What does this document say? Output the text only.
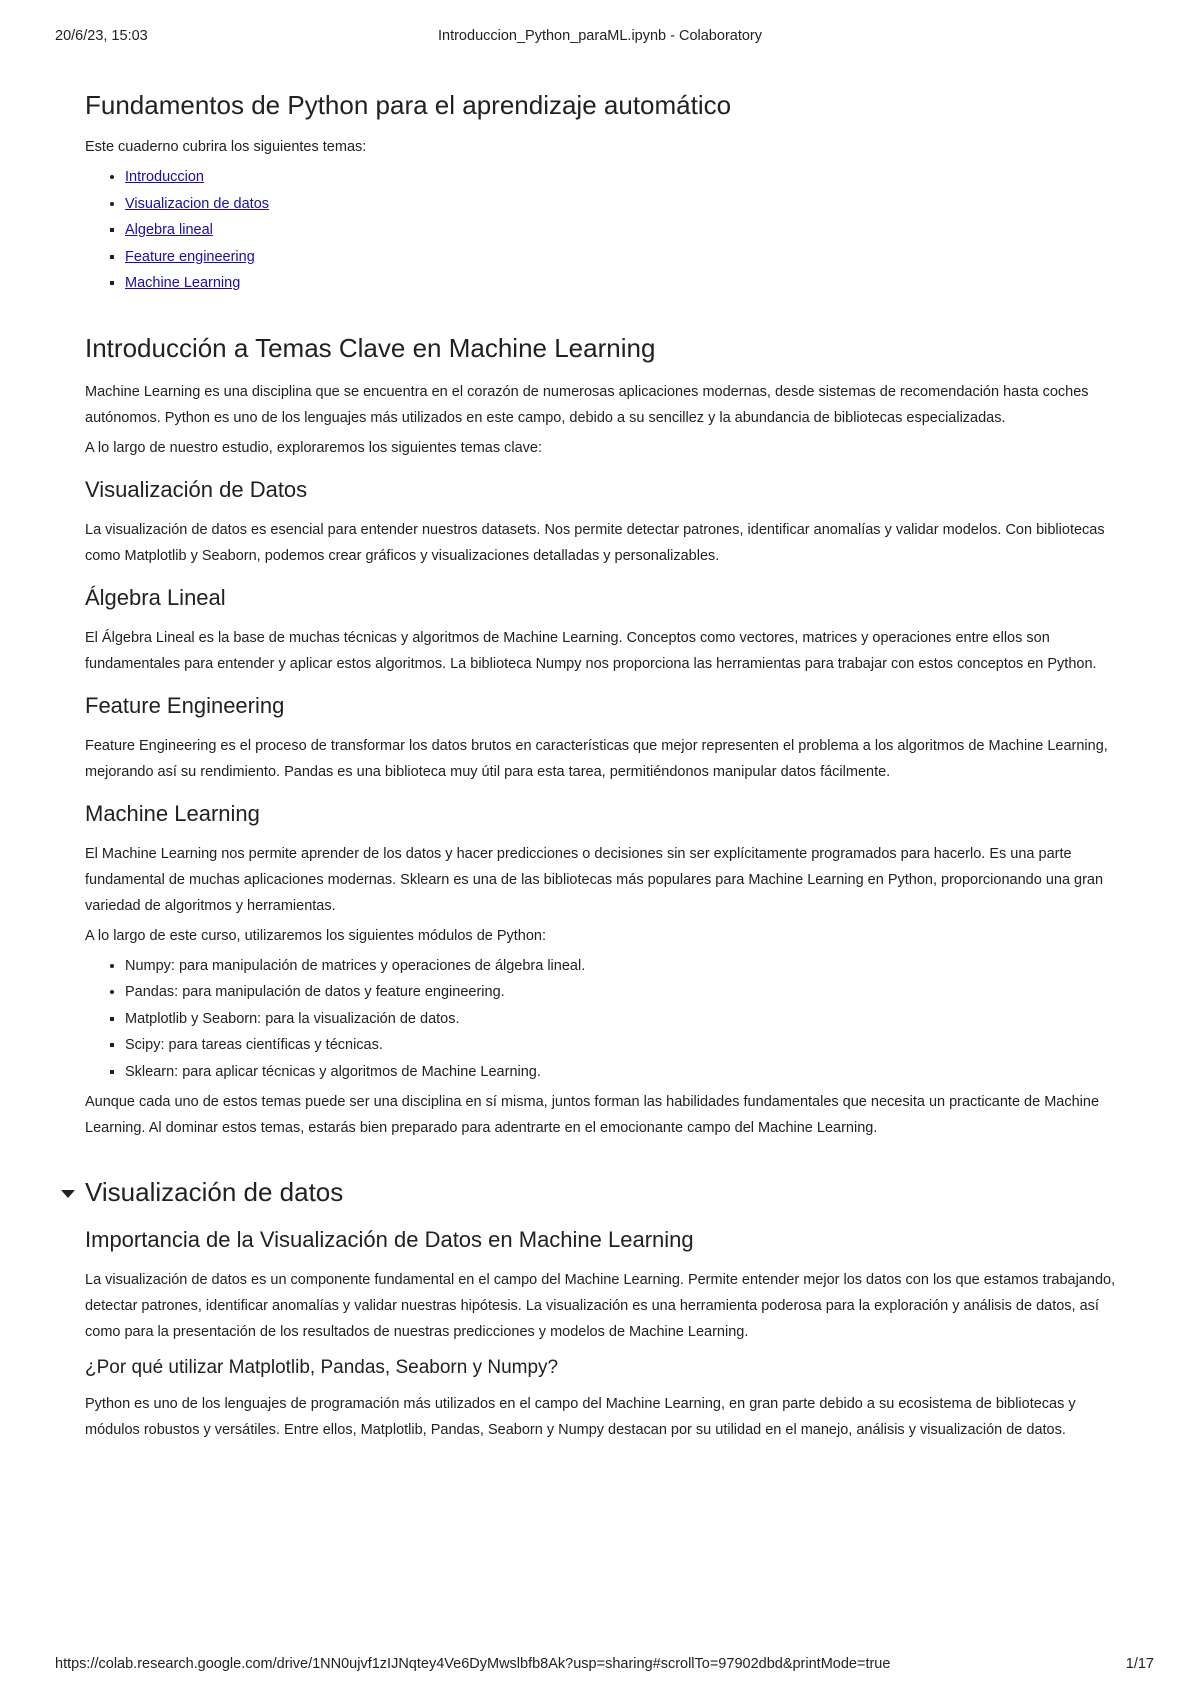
20/6/23, 15:03	Introduccion_Python_paraML.ipynb - Colaboratory
Fundamentos de Python para el aprendizaje automático

Este cuaderno cubrira los siguientes temas:

• Introduccion
• Visualizacion de datos
▪ Algebra lineal
▪ Feature engineering
▪ Machine Learning
Introducción a Temas Clave en Machine Learning

Machine Learning es una disciplina que se encuentra en el corazón de numerosas aplicaciones modernas, desde sistemas de recomendación hasta coches autónomos. Python es uno de los lenguajes más utilizados en este campo, debido a su sencillez y la abundancia de bibliotecas especializadas.

A lo largo de nuestro estudio, exploraremos los siguientes temas clave:

Visualización de Datos

La visualización de datos es esencial para entender nuestros datasets. Nos permite detectar patrones, identificar anomalías y validar modelos. Con bibliotecas como Matplotlib y Seaborn, podemos crear gráficos y visualizaciones detalladas y personalizables.

Álgebra Lineal

El Álgebra Lineal es la base de muchas técnicas y algoritmos de Machine Learning. Conceptos como vectores, matrices y operaciones entre ellos son fundamentales para entender y aplicar estos algoritmos. La biblioteca Numpy nos proporciona las herramientas para trabajar con estos conceptos en Python.

Feature Engineering

Feature Engineering es el proceso de transformar los datos brutos en características que mejor representen el problema a los algoritmos de Machine Learning, mejorando así su rendimiento. Pandas es una biblioteca muy útil para esta tarea, permitiéndonos manipular datos fácilmente.

Machine Learning

El Machine Learning nos permite aprender de los datos y hacer predicciones o decisiones sin ser explícitamente programados para hacerlo. Es una parte fundamental de muchas aplicaciones modernas. Sklearn es una de las bibliotecas más populares para Machine Learning en Python, proporcionando una gran variedad de algoritmos y herramientas.

A lo largo de este curso, utilizaremos los siguientes módulos de Python:

• Numpy: para manipulación de matrices y operaciones de álgebra lineal.
• Pandas: para manipulación de datos y feature engineering.
▪ Matplotlib y Seaborn: para la visualización de datos.
▪ Scipy: para tareas científicas y técnicas.
▪ Sklearn: para aplicar técnicas y algoritmos de Machine Learning.

Aunque cada uno de estos temas puede ser una disciplina en sí misma, juntos forman las habilidades fundamentales que necesita un practicante de Machine Learning. Al dominar estos temas, estarás bien preparado para adentrarte en el emocionante campo del Machine Learning.

Visualización de datos
Importancia de la Visualización de Datos en Machine Learning

La visualización de datos es un componente fundamental en el campo del Machine Learning. Permite entender mejor los datos con los que estamos trabajando, detectar patrones, identificar anomalías y validar nuestras hipótesis. La visualización es una herramienta poderosa para la exploración y análisis de datos, así como para la presentación de los resultados de nuestras predicciones y modelos de Machine Learning.

¿Por qué utilizar Matplotlib, Pandas, Seaborn y Numpy?

Python es uno de los lenguajes de programación más utilizados en el campo del Machine Learning, en gran parte debido a su ecosistema de bibliotecas y módulos robustos y versátiles. Entre ellos, Matplotlib, Pandas, Seaborn y Numpy destacan por su utilidad en el manejo, análisis y visualización de datos.

https://colab.research.google.com/drive/1NN0ujvf1zIJNqtey4Ve6DyMwslbfb8Ak?usp=sharing#scrollTo=97902dbd&printMode=true	1/17
